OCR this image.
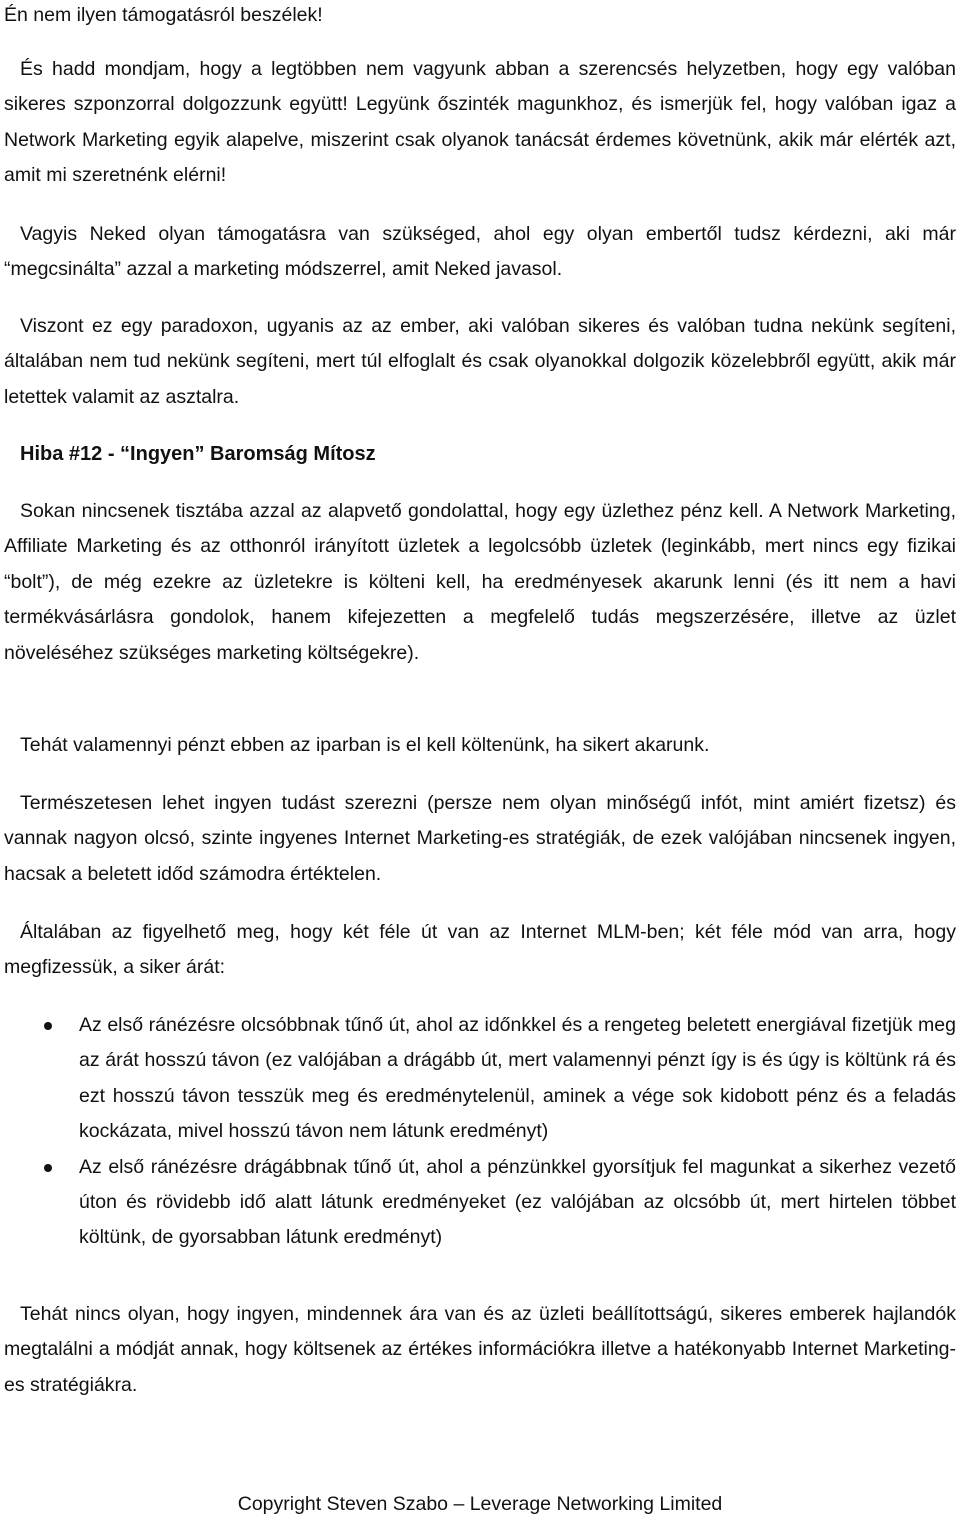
Én nem ilyen támogatásról beszélek!

És hadd mondjam, hogy a legtöbben nem vagyunk abban a szerencsés helyzetben, hogy egy valóban sikeres szponzorral dolgozzunk együtt! Legyünk őszinték magunkhoz, és ismerjük fel, hogy valóban igaz a Network Marketing egyik alapelve, miszerint csak olyanok tanácsát érdemes követnünk, akik már elérték azt, amit mi szeretnénk elérni!

Vagyis Neked olyan támogatásra van szükséged, ahol egy olyan embertől tudsz kérdezni, aki már “megcsinálta” azzal a marketing módszerrel, amit Neked javasol.

Viszont ez egy paradoxon, ugyanis az az ember, aki valóban sikeres és valóban tudna nekünk segíteni, általában nem tud nekünk segíteni, mert túl elfoglalt és csak olyanokkal dolgozik közelebbről együtt, akik már letettek valamit az asztalra.

Hiba #12 - “Ingyen” Baromság Mítosz

Sokan nincsenek tisztába azzal az alapvető gondolattal, hogy egy üzlethez pénz kell. A Network Marketing, Affiliate Marketing és az otthonról irányított üzletek a legolcsóbb üzletek (leginkább, mert nincs egy fizikai “bolt”), de még ezekre az üzletekre is költeni kell, ha eredményesek akarunk lenni (és itt nem a havi termékvásárlásra gondolok, hanem kifejezetten a megfelelő tudás megszerzésére, illetve az üzlet növeléséhez szükséges marketing költségekre).

Tehát valamennyi pénzt ebben az iparban is el kell költenünk, ha sikert akarunk.

Természetesen lehet ingyen tudást szerezni (persze nem olyan minőségű infót, mint amiért fizetsz) és vannak nagyon olcsó, szinte ingyenes Internet Marketing-es stratégiák, de ezek valójában nincsenek ingyen, hacsak a beletett időd számodra értéktelen.

Általában az figyelhető meg, hogy két féle út van az Internet MLM-ben; két féle mód van arra, hogy megfizessük, a siker árát:

Az első ránézésre olcsóbbnak tűnő út, ahol az időnkkel és a rengeteg beletett energiával fizetjük meg az árát hosszú távon (ez valójában a drágább út, mert valamennyi pénzt így is és úgy is költünk rá és ezt hosszú távon tesszük meg és eredménytelenül, aminek a vége sok kidobott pénz és a feladás kockázata, mivel hosszú távon nem látunk eredményt)
Az első ránézésre drágábbnak tűnő út, ahol a pénzünkkel gyorsítjuk fel magunkat a sikerhez vezető úton és rövidebb idő alatt látunk eredményeket (ez valójában az olcsóbb út, mert hirtelen többet költünk, de gyorsabban látunk eredményt)

Tehát nincs olyan, hogy ingyen, mindennek ára van és az üzleti beállítottságú, sikeres emberek hajlandók megtalálni a módját annak, hogy költsenek az értékes információkra illetve a hatékonyabb Internet Marketing-es stratégiákra.

Copyright Steven Szabo – Leverage Networking Limited
